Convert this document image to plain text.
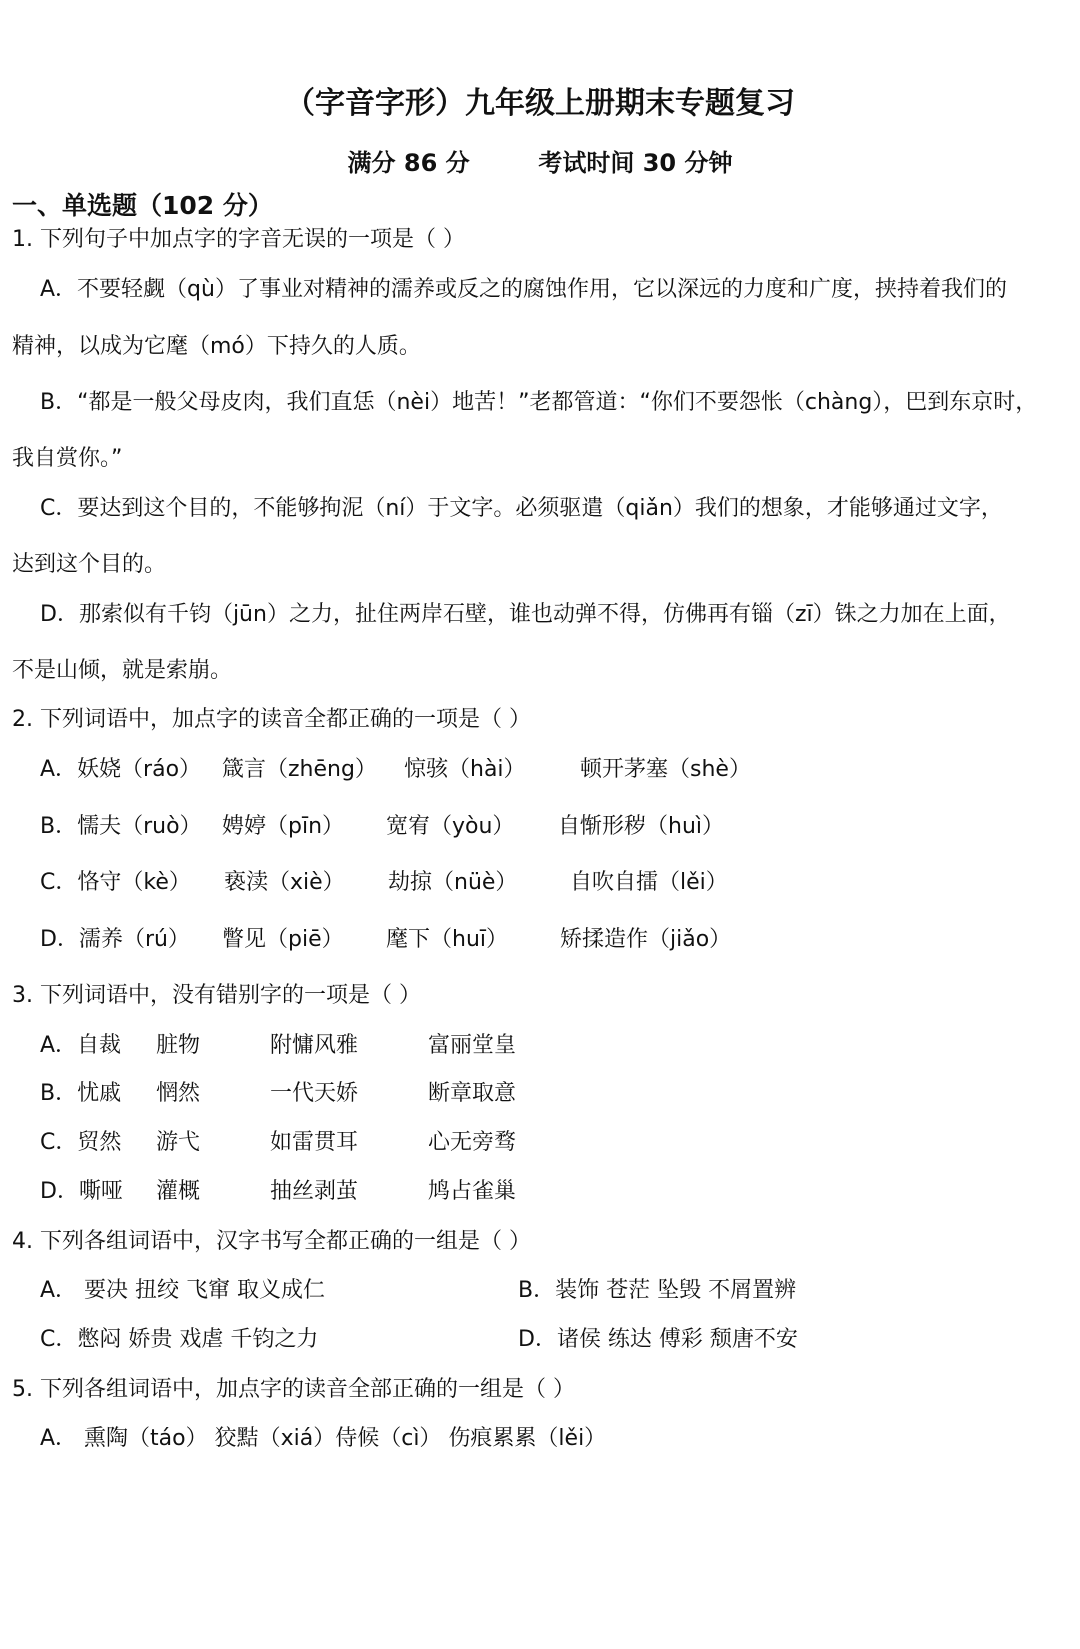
（字音字形）九年级上册期末专题复习
满分 86 分	考试时间 30 分钟
一、单选题（102 分）
1. 下列句子中加点字的字音无误的一项是（ ）
A．不要轻觑（qù）了事业对精神的濡养或反之的腐蚀作用，它以深远的力度和广度，挟持着我们的
精神，以成为它麾（mó）下持久的人质。
B．“都是一般父母皮肉，我们直恁（nèi）地苦！”老都管道：“你们不要怨怅（chàng），巴到东京时，
我自赏你。”
C．要达到这个目的，不能够拘泥（ní）于文字。必须驱遣（qiǎn）我们的想象，才能够通过文字，
达到这个目的。
D．那索似有千钧（jūn）之力，扯住两岸石壁，谁也动弹不得，仿佛再有锱（zī）铢之力加在上面，
不是山倾，就是索崩。
2. 下列词语中，加点字的读音全都正确的一项是（ ）
A．妖娆（ráo） 箴言（zhēng） 惊骇（hài） 顿开茅塞（shè）
B．懦夫（ruò） 娉婷（pīn） 宽宥（yòu） 自惭形秽（huì）
C．恪守（kè） 亵渎（xiè） 劫掠（nüè） 自吹自擂（lěi）
D．濡养（rú） 瞥见（piē） 麾下（huī） 矫揉造作（jiǎo）
3. 下列词语中，没有错别字的一项是（ ）
A．自裁 脏物	附慵风雅	富丽堂皇
B．忧戚 惘然	一代天娇	断章取意
C．贸然 游弋	如雷贯耳	心无旁骛
D．嘶哑 灌概	抽丝剥茧	鸠占雀巢
4. 下列各组词语中，汉字书写全都正确的一组是（ ）
A． 要决 扭绞 飞窜 取义成仁	B．装饰 苍茫 坠毁 不屑置辨
C．憋闷 娇贵 戏虐 千钧之力	D．诸侯 练达 傅彩 颓唐不安
5. 下列各组词语中，加点字的读音全部正确的一组是（ ）
A． 熏陶（táo） 狡黠（xiá）侍候（cì） 伤痕累累（lěi）
